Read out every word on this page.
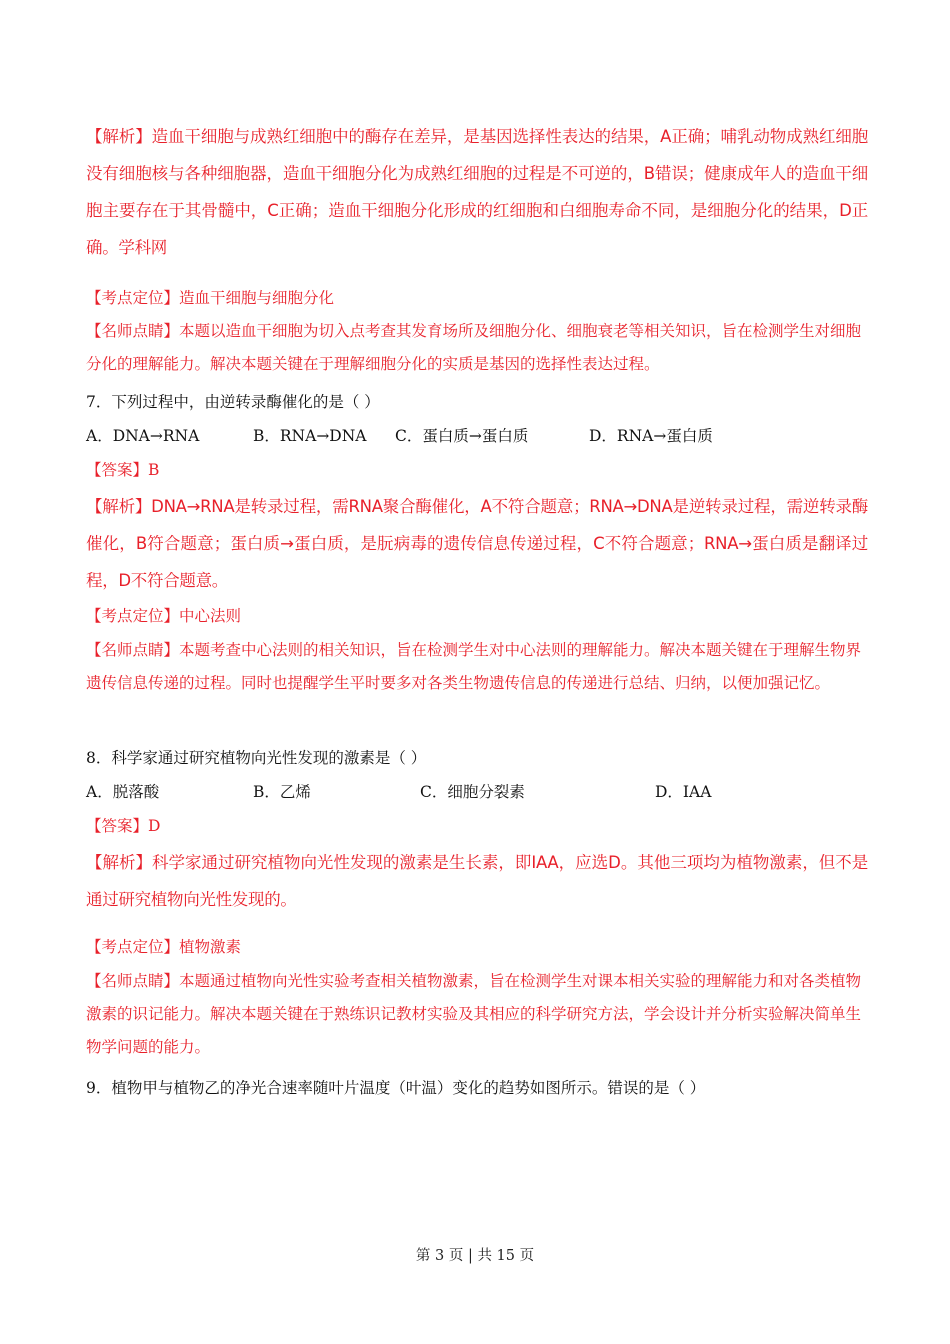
【解析】造血干细胞与成熟红细胞中的酶存在差异，是基因选择性表达的结果，A正确；哺乳动物成熟红细胞没有细胞核与各种细胞器，造血干细胞分化为成熟红细胞的过程是不可逆的，B错误；健康成年人的造血干细胞主要存在于其骨髓中，C正确；造血干细胞分化形成的红细胞和白细胞寿命不同，是细胞分化的结果，D正确。学科网
【考点定位】造血干细胞与细胞分化
【名师点睛】本题以造血干细胞为切入点考查其发育场所及细胞分化、细胞衰老等相关知识，旨在检测学生对细胞分化的理解能力。解决本题关键在于理解细胞分化的实质是基因的选择性表达过程。
7．下列过程中，由逆转录酶催化的是（ ）
A．DNA→RNA	B．RNA→DNA C．蛋白质→蛋白质	D．RNA→蛋白质
【答案】B
【解析】DNA→RNA是转录过程，需RNA聚合酶催化，A不符合题意；RNA→DNA是逆转录过程，需逆转录酶催化，B符合题意；蛋白质→蛋白质，是朊病毒的遗传信息传递过程，C不符合题意；RNA→蛋白质是翻译过程，D不符合题意。
【考点定位】中心法则
【名师点睛】本题考查中心法则的相关知识，旨在检测学生对中心法则的理解能力。解决本题关键在于理解生物界遗传信息传递的过程。同时也提醒学生平时要多对各类生物遗传信息的传递进行总结、归纳，以便加强记忆。
8．科学家通过研究植物向光性发现的激素是（ ）
A．脱落酸	B．乙烯	C．细胞分裂素	D．IAA
【答案】D
【解析】科学家通过研究植物向光性发现的激素是生长素，即IAA，应选D。其他三项均为植物激素，但不是通过研究植物向光性发现的。
【考点定位】植物激素
【名师点睛】本题通过植物向光性实验考查相关植物激素，旨在检测学生对课本相关实验的理解能力和对各类植物激素的识记能力。解决本题关键在于熟练识记教材实验及其相应的科学研究方法，学会设计并分析实验解决简单生物学问题的能力。
9．植物甲与植物乙的净光合速率随叶片温度（叶温）变化的趋势如图所示。错误的是（ ）
第 3 页 | 共 15 页
